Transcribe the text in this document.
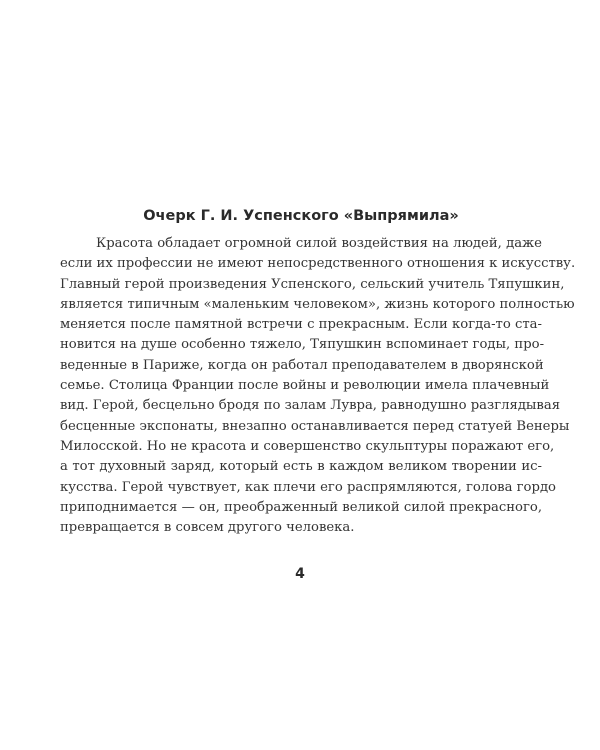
Очерк Г. И. Успенского «Выпрямила»
Красота обладает огромной силой воздействия на людей, даже
если их профессии не имеют непосредственного отношения к искусству.
Главный герой произведения Успенского, сельский учитель Тяпушкин,
является типичным «маленьким человеком», жизнь которого полностью
меняется после памятной встречи с прекрасным. Если когда-то ста-
новится на душе особенно тяжело, Тяпушкин вспоминает годы, про-
веденные в Париже, когда он работал преподавателем в дворянской
семье. Столица Франции после войны и революции имела плачевный
вид. Герой, бесцельно бродя по залам Лувра, равнодушно разглядывая
бесценные экспонаты, внезапно останавливается перед статуей Венеры
Милосской. Но не красота и совершенство скульптуры поражают его,
а тот духовный заряд, который есть в каждом великом творении ис-
кусства. Герой чувствует, как плечи его распрямляются, голова гордо
приподнимается — он, преображенный великой силой прекрасного,
превращается в совсем другого человека.
4
